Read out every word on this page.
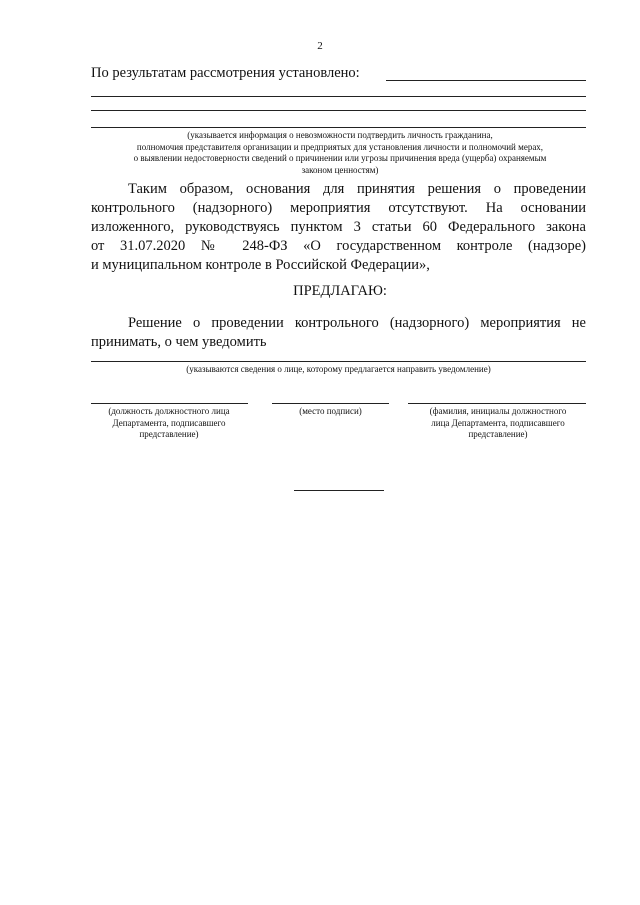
2
По результатам рассмотрения установлено:
(указывается информация о невозможности подтвердить личность гражданина,
полномочия представителя организации и предприятых для установления личности и полномочий мерах,
о выявлении недостоверности сведений о причинении или угрозы причинения вреда (ущерба) охраняемым
законом ценностям)
Таким образом, основания для принятия решения о проведении
контрольного (надзорного) мероприятия отсутствуют. На основании
изложенного, руководствуясь пунктом 3 статьи 60 Федерального закона
от 31.07.2020 № 248-ФЗ «О государственном контроле (надзоре)
и муниципальном контроле в Российской Федерации»,
ПРЕДЛАГАЮ:
Решение о проведении контрольного (надзорного) мероприятия не
принимать, о чем уведомить
(указываются сведения о лице, которому предлагается направить уведомление)
(должность должностного лица
Департамента, подписавшего
представление)
(место подписи)	(фамилия, инициалы должностного
лица Департамента, подписавшего
представление)
